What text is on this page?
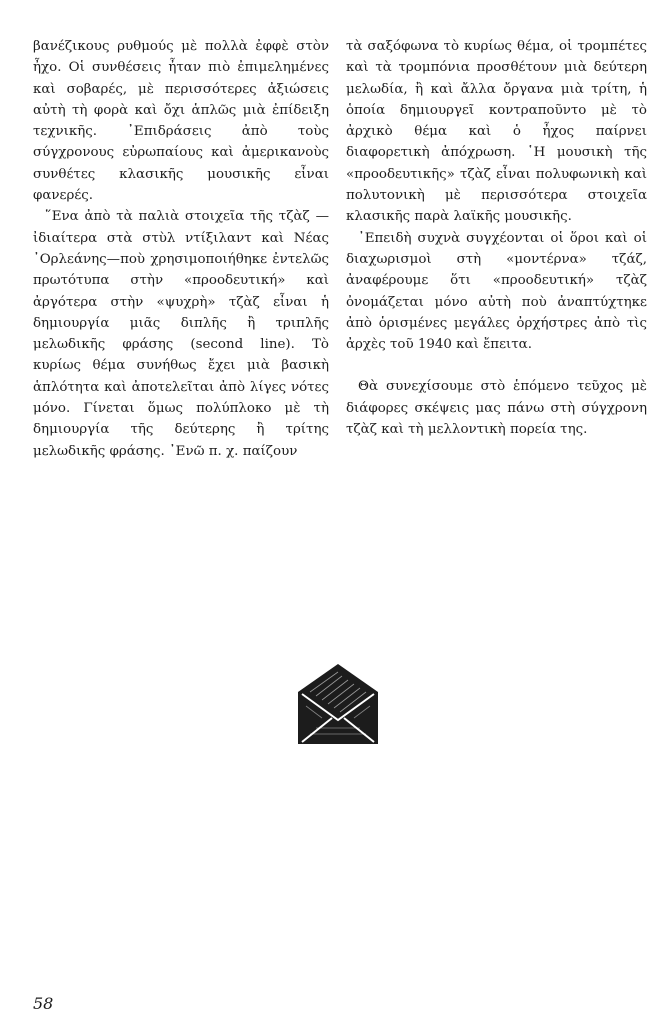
βανέζικους ρυθμούς μὲ πολλὰ ἐφφὲ στὸν ἦχο. Οἱ συνθέσεις ἦταν πιὸ ἐπιμελημένες καὶ σοβαρές, μὲ περισσότερες ἀξιώσεις αὐτὴ τὴ φορὰ καὶ ὄχι ἁπλῶς μιὰ ἐπίδειξη τεχνικῆς. ᾿Επιδράσεις ἀπὸ τοὺς σύγχρονους εὐρωπαίους καὶ ἀμερικανοὺς συνθέτες κλασικῆς μουσικῆς εἶναι φανερές.

῞Ενα ἀπὸ τὰ παλιὰ στοιχεῖα τῆς τζὰζ —ἰδιαίτερα στὰ στὺλ ντίξιλαντ καὶ Νέας ᾿Ορλεάνης—ποὺ χρησιμοποιήθηκε ἐντελῶς πρωτότυπα στὴν «προοδευτική» καὶ ἀργότερα στὴν «ψυχρὴ» τζὰζ εἶναι ἡ δημιουργία μιᾶς διπλῆς ἢ τριπλῆς μελωδικῆς φράσης (second line). Τὸ κυρίως θέμα συνήθως ἔχει μιὰ βασικὴ ἁπλότητα καὶ ἀποτελεῖται ἀπὸ λίγες νότες μόνο. Γίνεται ὅμως πολύπλοκο μὲ τὴ δημιουργία τῆς δεύτερης ἢ τρίτης μελωδικῆς φράσης. ᾿Ενῶ π. χ. παίζουν

τὰ σαξόφωνα τὸ κυρίως θέμα, οἱ τρομπέτες καὶ τὰ τρομπόνια προσθέτουν μιὰ δεύτερη μελωδία, ἢ καὶ ἄλλα ὄργανα μιὰ τρίτη, ἡ ὁποία δημιουργεῖ κοντραποῦντο μὲ τὸ ἀρχικὸ θέμα καὶ ὁ ἦχος παίρνει διαφορετικὴ ἀπόχρωση. ῾Η μουσικὴ τῆς «προοδευτικῆς» τζὰζ εἶναι πολυφωνικὴ καὶ πολυτονικὴ μὲ περισσότερα στοιχεῖα κλασικῆς παρὰ λαϊκῆς μουσικῆς.

᾿Επειδὴ συχνὰ συγχέονται οἱ ὅροι καὶ οἱ διαχωρισμοὶ στὴ «μοντέρνα» τζάζ, ἀναφέρουμε ὅτι «προοδευτική» τζὰζ ὀνομάζεται μόνο αὐτὴ ποὺ ἀναπτύχτηκε ἀπὸ ὁρισμένες μεγάλες ὀρχήστρες ἀπὸ τὶς ἀρχὲς τοῦ 1940 καὶ ἔπειτα.

Θὰ συνεχίσουμε στὸ ἑπόμενο τεῦχος μὲ διάφορες σκέψεις μας πάνω στὴ σύγχρονη τζὰζ καὶ τὴ μελλοντικὴ πορεία της.

58
